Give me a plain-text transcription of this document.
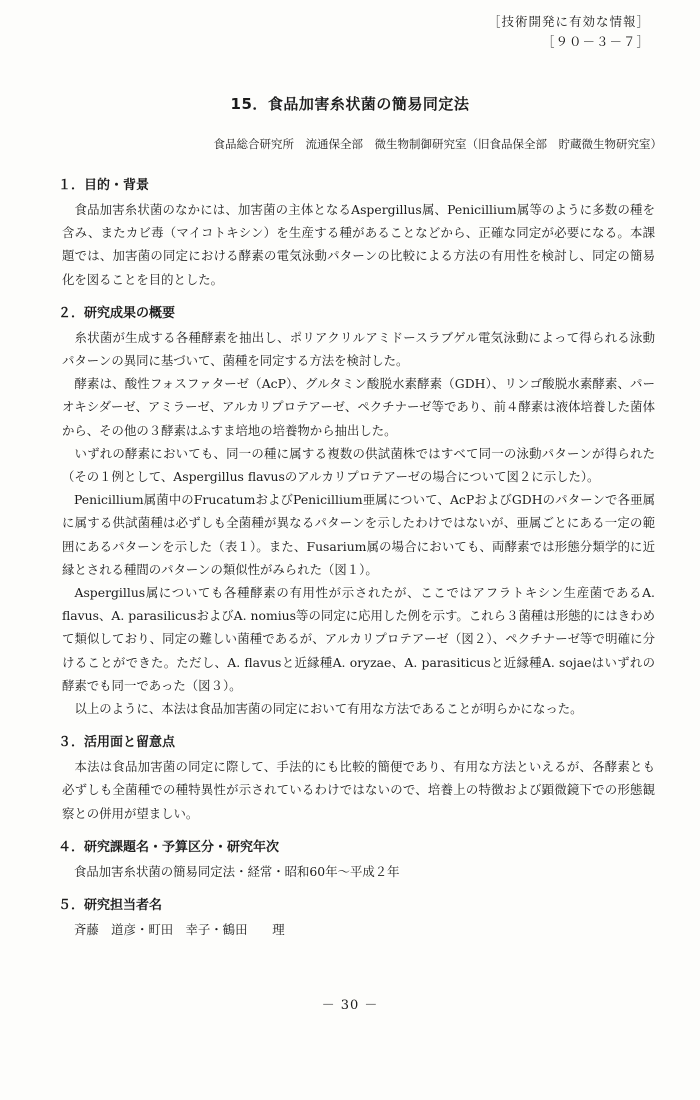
［技術開発に有効な情報］
［９０－３－７］
15．食品加害糸状菌の簡易同定法
食品総合研究所　流通保全部　微生物制御研究室（旧食品保全部　貯蔵微生物研究室）
１．目的・背景

食品加害糸状菌のなかには、加害菌の主体となるAspergillus属、Penicillium属等のように多数の種を含み、またカビ毒（マイコトキシン）を生産する種があることなどから、正確な同定が必要になる。本課題では、加害菌の同定における酵素の電気泳動パターンの比較による方法の有用性を検討し、同定の簡易化を図ることを目的とした。

２．研究成果の概要

糸状菌が生成する各種酵素を抽出し、ポリアクリルアミドースラブゲル電気泳動によって得られる泳動パターンの異同に基づいて、菌種を同定する方法を検討した。

酵素は、酸性フォスファターゼ（AcP）、グルタミン酸脱水素酵素（GDH）、リンゴ酸脱水素酵素、パーオキシダーゼ、アミラーゼ、アルカリプロテアーゼ、ペクチナーゼ等であり、前４酵素は液体培養した菌体から、その他の３酵素はふすま培地の培養物から抽出した。

いずれの酵素においても、同一の種に属する複数の供試菌株ではすべて同一の泳動パターンが得られた（その１例として、Aspergillus flavusのアルカリプロテアーゼの場合について図２に示した）。

Penicillium属菌中のFrucatumおよびPenicillium亜属について、AcPおよびGDHのパターンで各亜属に属する供試菌種は必ずしも全菌種が異なるパターンを示したわけではないが、亜属ごとにある一定の範囲にあるパターンを示した（表１）。また、Fusarium属の場合においても、両酵素では形態分類学的に近縁とされる種間のパターンの類似性がみられた（図１）。

Aspergillus属についても各種酵素の有用性が示されたが、ここではアフラトキシン生産菌であるA. flavus、A. parasilicusおよびA. nomius等の同定に応用した例を示す。これら３菌種は形態的にはきわめて類似しており、同定の難しい菌種であるが、アルカリプロテアーゼ（図２）、ペクチナーゼ等で明確に分けることができた。ただし、A. flavusと近縁種A. oryzae、A. parasiticusと近縁種A. sojaeはいずれの酵素でも同一であった（図３）。

以上のように、本法は食品加害菌の同定において有用な方法であることが明らかになった。

３．活用面と留意点

本法は食品加害菌の同定に際して、手法的にも比較的簡便であり、有用な方法といえるが、各酵素とも必ずしも全菌種での種特異性が示されているわけではないので、培養上の特徴および顕微鏡下での形態観察との併用が望ましい。

４．研究課題名・予算区分・研究年次
食品加害糸状菌の簡易同定法・経常・昭和60年～平成２年
５．研究担当者名
斉藤　道彦・町田　幸子・鶴田　　理
－ 30 －
